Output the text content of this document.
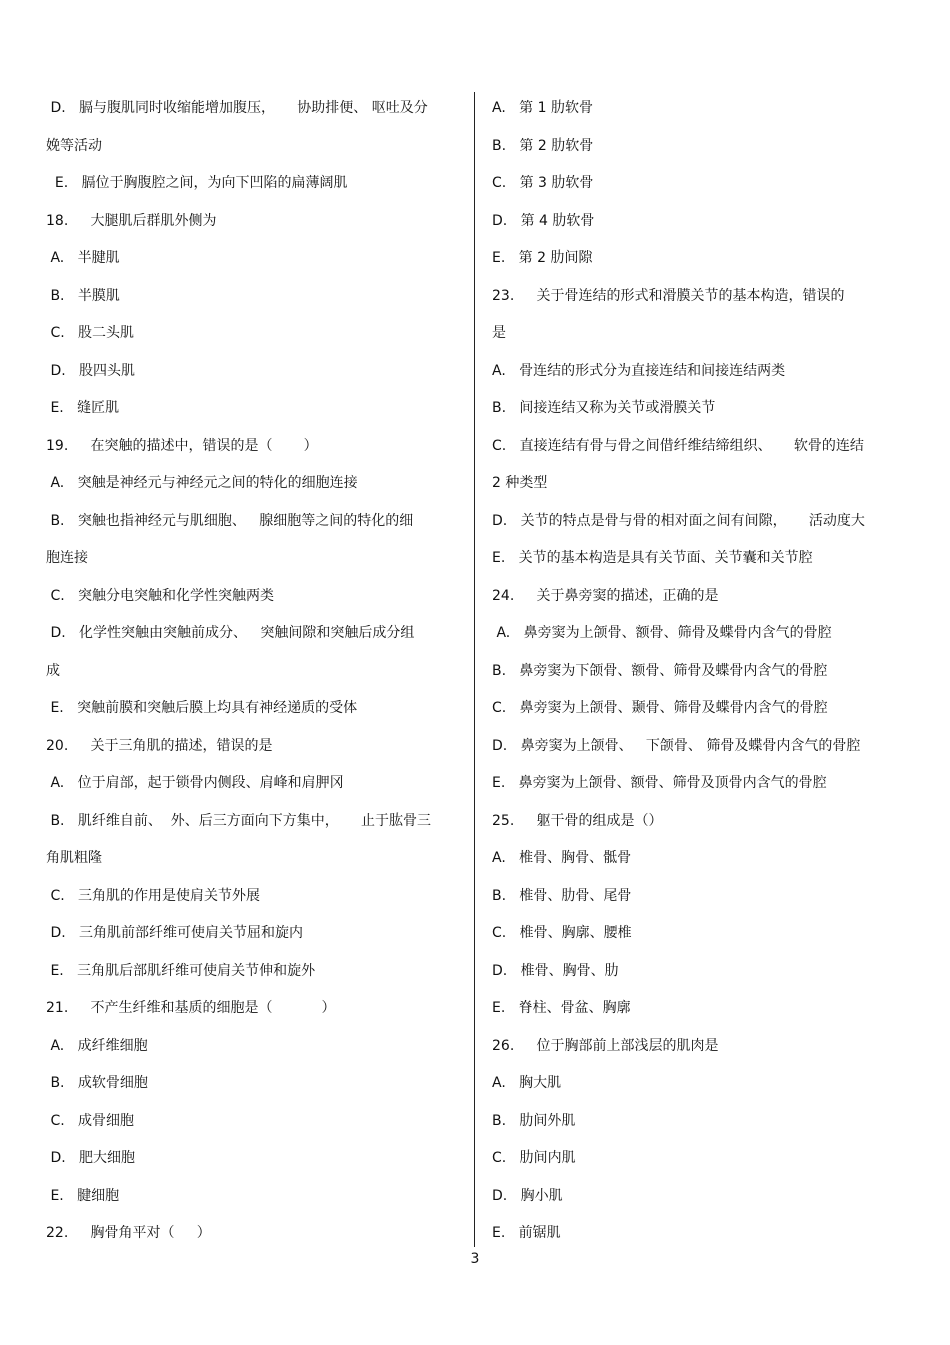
D.   膈与腹肌同时收缩能增加腹压，     协助排便、 呕吐及分
娩等活动
E.   膈位于胸腹腔之间，为向下凹陷的扁薄阔肌
18.     大腿肌后群肌外侧为
A.   半腱肌
B.   半膜肌
C.   股二头肌
D.   股四头肌
E.   缝匠肌
19.     在突触的描述中，错误的是（       ）
A.   突触是神经元与神经元之间的特化的细胞连接
B.   突触也指神经元与肌细胞、   腺细胞等之间的特化的细
胞连接
C.   突触分电突触和化学性突触两类
D.   化学性突触由突触前成分、   突触间隙和突触后成分组
成
E.   突触前膜和突触后膜上均具有神经递质的受体
20.     关于三角肌的描述，错误的是
A.   位于肩部，起于锁骨内侧段、肩峰和肩胛冈
B.   肌纤维自前、  外、后三方面向下方集中，     止于肱骨三
角肌粗隆
C.   三角肌的作用是使肩关节外展
D.   三角肌前部纤维可使肩关节屈和旋内
E.   三角肌后部肌纤维可使肩关节伸和旋外
21.     不产生纤维和基质的细胞是（           ）
A.   成纤维细胞
B.   成软骨细胞
C.   成骨细胞
D.   肥大细胞
E.   腱细胞
22.     胸骨角平对（     ）
A.   第 1 肋软骨
B.   第 2 肋软骨
C.   第 3 肋软骨
D.   第 4 肋软骨
E.   第 2 肋间隙
23.     关于骨连结的形式和滑膜关节的基本构造，错误的
是
A.   骨连结的形式分为直接连结和间接连结两类
B.   间接连结又称为关节或滑膜关节
C.   直接连结有骨与骨之间借纤维结缔组织、     软骨的连结
2 种类型
D.   关节的特点是骨与骨的相对面之间有间隙，     活动度大
E.   关节的基本构造是具有关节面、关节囊和关节腔
24.     关于鼻旁窦的描述，正确的是
A.   鼻旁窦为上颌骨、额骨、筛骨及蝶骨内含气的骨腔
B.   鼻旁窦为下颌骨、额骨、筛骨及蝶骨内含气的骨腔
C.   鼻旁窦为上颌骨、颞骨、筛骨及蝶骨内含气的骨腔
D.   鼻旁窦为上颌骨、   下颌骨、 筛骨及蝶骨内含气的骨腔
E.   鼻旁窦为上颌骨、额骨、筛骨及顶骨内含气的骨腔
25.     躯干骨的组成是（）
A.   椎骨、胸骨、骶骨
B.   椎骨、肋骨、尾骨
C.   椎骨、胸廓、腰椎
D.   椎骨、胸骨、肋
E.   脊柱、骨盆、胸廓
26.     位于胸部前上部浅层的肌肉是
A.   胸大肌
B.   肋间外肌
C.   肋间内肌
D.   胸小肌
E.   前锯肌
3
